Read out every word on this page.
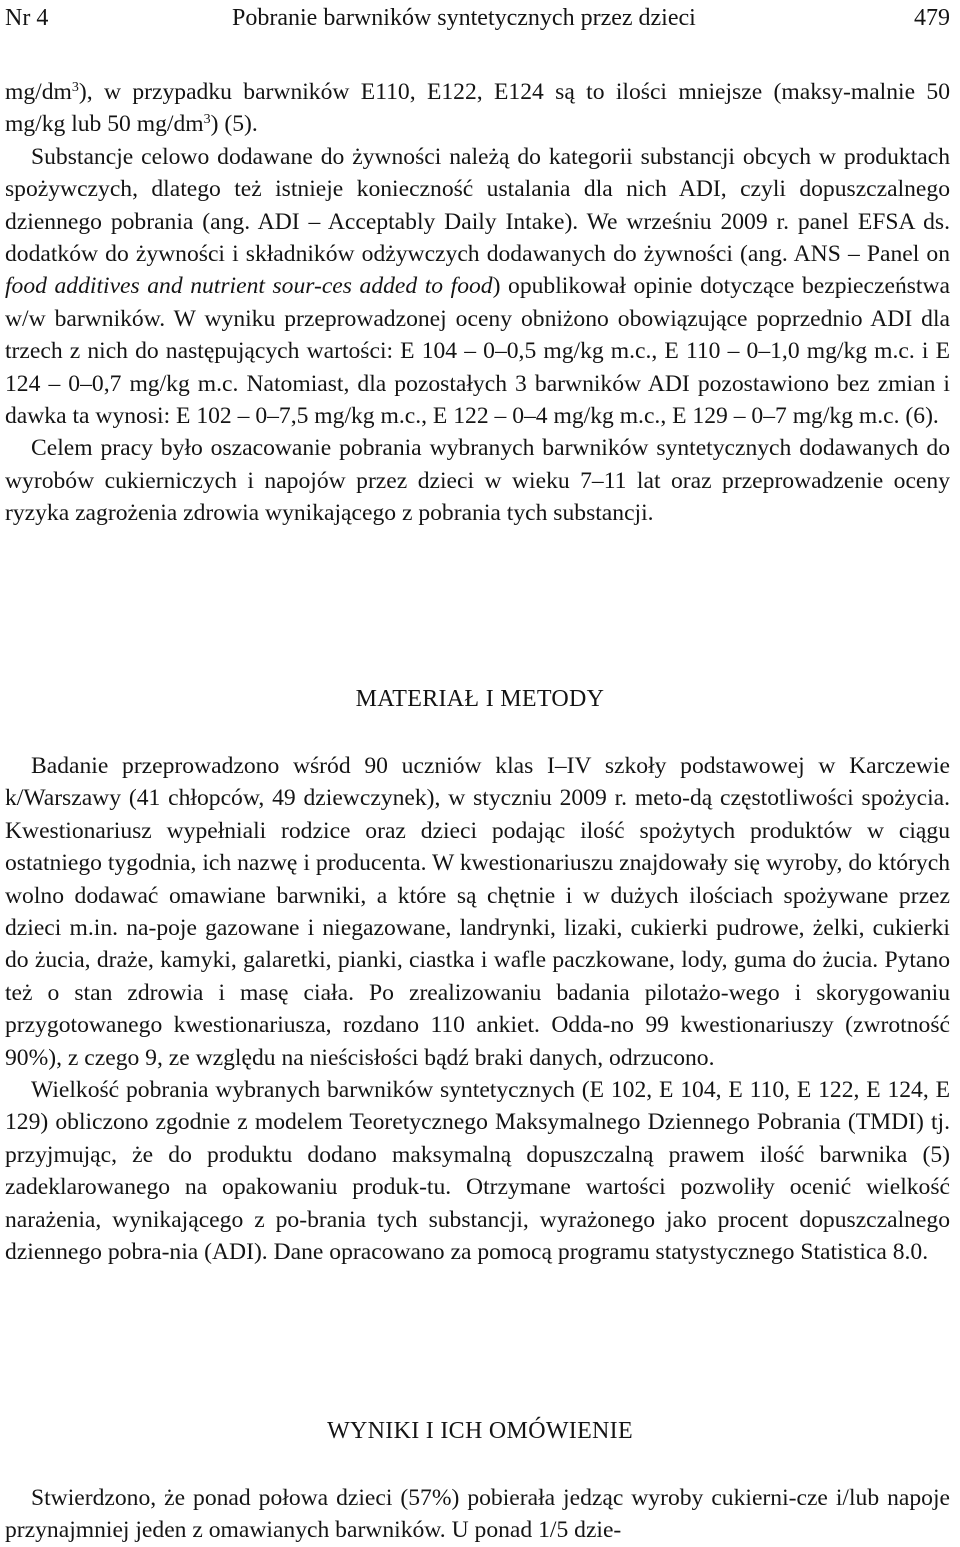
Nr 4	Pobranie barwników syntetycznych przez dzieci	479

$mg/dm^3$), w przypadku barwników E110, E122, E124 są to ilości mniejsze (maksy-malnie 50 mg/kg lub 50 $mg/dm^3$) (5).

Substancje celowo dodawane do żywności należą do kategorii substancji obcych w produktach spożywczych, dlatego też istnieje konieczność ustalania dla nich ADI, czyli dopuszczalnego dziennego pobrania (ang. ADI – Acceptably Daily Intake). We wrześniu 2009 r. panel EFSA ds. dodatków do żywności i składników odżywczych dodawanych do żywności (ang. ANS – Panel on food additives and nutrient sour-ces added to food) opublikował opinie dotyczące bezpieczeństwa w/w barwników. W wyniku przeprowadzonej oceny obniżono obowiązujące poprzednio ADI dla trzech z nich do następujących wartości: E 104 – 0–0,5 mg/kg m.c., E 110 – 0–1,0 mg/kg m.c. i E 124 – 0–0,7 mg/kg m.c. Natomiast, dla pozostałych 3 barwników ADI pozostawiono bez zmian i dawka ta wynosi: E 102 – 0–7,5 mg/kg m.c., E 122 – 0–4 mg/kg m.c., E 129 – 0–7 mg/kg m.c. (6).

Celem pracy było oszacowanie pobrania wybranych barwników syntetycznych dodawanych do wyrobów cukierniczych i napojów przez dzieci w wieku 7–11 lat oraz przeprowadzenie oceny ryzyka zagrożenia zdrowia wynikającego z pobrania tych substancji.

MATERIAŁ I METODY

Badanie przeprowadzono wśród 90 uczniów klas I–IV szkoły podstawowej w Karczewie k/Warszawy (41 chłopców, 49 dziewczynek), w styczniu 2009 r. meto-dą częstotliwości spożycia. Kwestionariusz wypełniali rodzice oraz dzieci podając ilość spożytych produktów w ciągu ostatniego tygodnia, ich nazwę i producenta. W kwestionariuszu znajdowały się wyroby, do których wolno dodawać omawiane barwniki, a które są chętnie i w dużych ilościach spożywane przez dzieci m.in. na-poje gazowane i niegazowane, landrynki, lizaki, cukierki pudrowe, żelki, cukierki do żucia, draże, kamyki, galaretki, pianki, ciastka i wafle paczkowane, lody, guma do żucia. Pytano też o stan zdrowia i masę ciała. Po zrealizowaniu badania pilotażo-wego i skorygowaniu przygotowanego kwestionariusza, rozdano 110 ankiet. Odda-no 99 kwestionariuszy (zwrotność 90%), z czego 9, ze względu na nieścisłości bądź braki danych, odrzucono.

Wielkość pobrania wybranych barwników syntetycznych (E 102, E 104, E 110, E 122, E 124, E 129) obliczono zgodnie z modelem Teoretycznego Maksymalnego Dziennego Pobrania (TMDI) tj. przyjmując, że do produktu dodano maksymalną dopuszczalną prawem ilość barwnika (5) zadeklarowanego na opakowaniu produk-tu. Otrzymane wartości pozwoliły ocenić wielkość narażenia, wynikającego z po-brania tych substancji, wyrażonego jako procent dopuszczalnego dziennego pobra-nia (ADI). Dane opracowano za pomocą programu statystycznego Statistica 8.0.

WYNIKI I ICH OMÓWIENIE

Stwierdzono, że ponad połowa dzieci (57%) pobierała jedząc wyroby cukierni-cze i/lub napoje przynajmniej jeden z omawianych barwników. U ponad 1/5 dzie-
